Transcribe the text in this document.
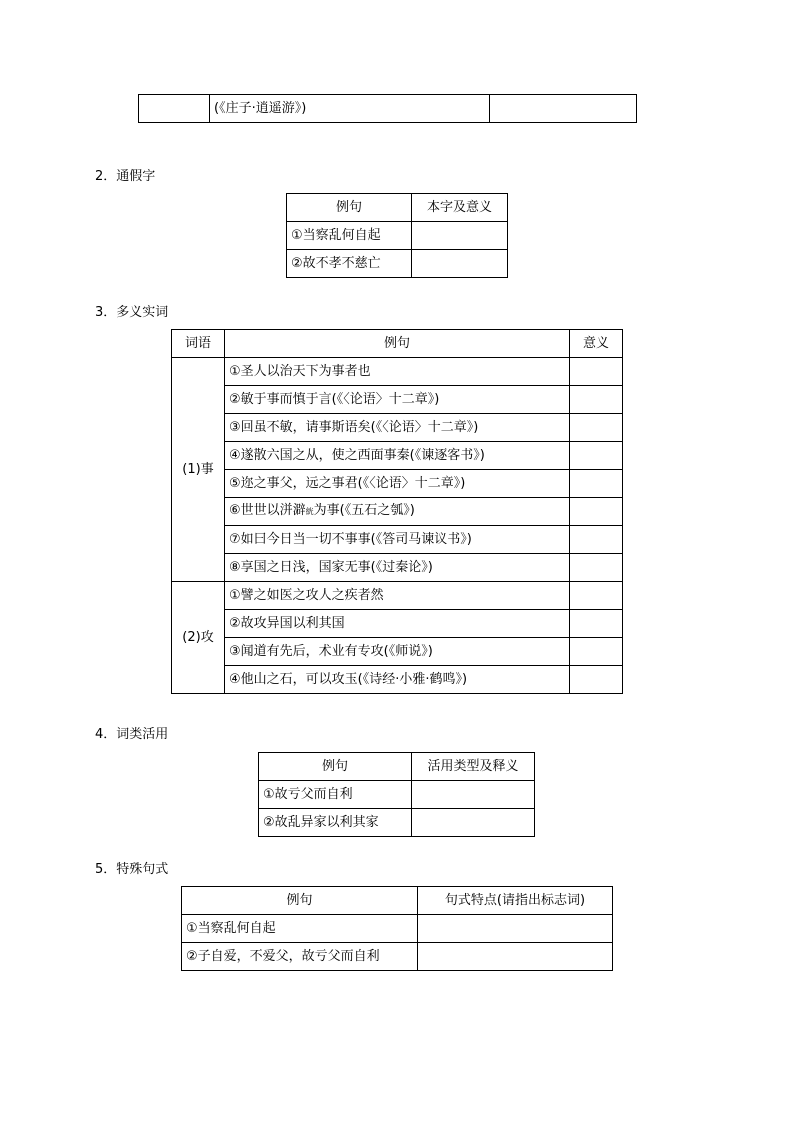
	(《庄子·逍遥游》)	
2．通假字
例句	本字及意义
①当察乱何自起	
②故不孝不慈亡	
3．多义实词
词语	例句	意义
(1)事	①圣人以治天下为事者也	
	②敏于事而慎于言(《〈论语〉十二章》)	
	③回虽不敏，请事斯语矣(《〈论语〉十二章》)	
	④遂散六国之从，使之西面事秦(《谏逐客书》)	
	⑤迩之事父，远之事君(《〈论语〉十二章》)	
	⑥世世以洴澼絖为事(《五石之瓠》)	
	⑦如曰今日当一切不事事(《答司马谏议书》)	
	⑧享国之日浅，国家无事(《过秦论》)	
(2)攻	①譬之如医之攻人之疾者然	
	②故攻异国以利其国	
	③闻道有先后，术业有专攻(《师说》)	
	④他山之石，可以攻玉(《诗经·小雅·鹤鸣》)	
4．词类活用
例句	活用类型及释义
①故亏父而自利	
②故乱异家以利其家	
5．特殊句式
例句	句式特点(请指出标志词)
①当察乱何自起	
②子自爱，不爱父，故亏父而自利	
